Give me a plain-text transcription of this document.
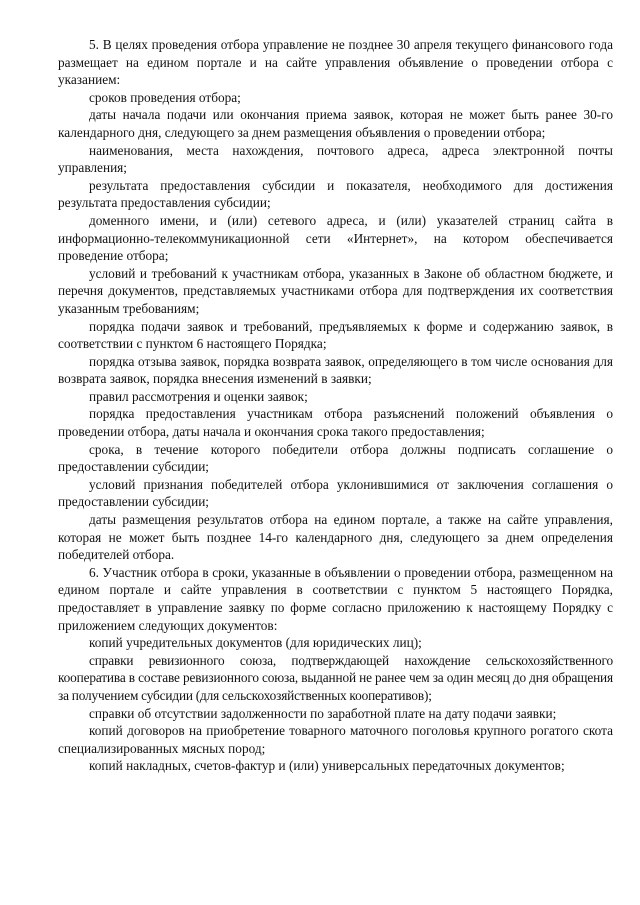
5. В целях проведения отбора управление не позднее 30 апреля текущего финансового года размещает на едином портале и на сайте управления объявление о проведении отбора с указанием:

сроков проведения отбора;

даты начала подачи или окончания приема заявок, которая не может быть ранее 30-го календарного дня, следующего за днем размещения объявления о проведении отбора;

наименования, места нахождения, почтового адреса, адреса электронной почты управления;

результата предоставления субсидии и показателя, необходимого для достижения результата предоставления субсидии;

доменного имени, и (или) сетевого адреса, и (или) указателей страниц сайта в информационно-телекоммуникационной сети «Интернет», на котором обеспечивается проведение отбора;

условий и требований к участникам отбора, указанных в Законе об областном бюджете, и перечня документов, представляемых участниками отбора для подтверждения их соответствия указанным требованиям;

порядка подачи заявок и требований, предъявляемых к форме и содержанию заявок, в соответствии с пунктом 6 настоящего Порядка;

порядка отзыва заявок, порядка возврата заявок, определяющего в том числе основания для возврата заявок, порядка внесения изменений в заявки;

правил рассмотрения и оценки заявок;

порядка предоставления участникам отбора разъяснений положений объявления о проведении отбора, даты начала и окончания срока такого предоставления;

срока, в течение которого победители отбора должны подписать соглашение о предоставлении субсидии;

условий признания победителей отбора уклонившимися от заключения соглашения о предоставлении субсидии;

даты размещения результатов отбора на едином портале, а также на сайте управления, которая не может быть позднее 14-го календарного дня, следующего за днем определения победителей отбора.

6. Участник отбора в сроки, указанные в объявлении о проведении отбора, размещенном на едином портале и сайте управления в соответствии с пунктом 5 настоящего Порядка, предоставляет в управление заявку по форме согласно приложению к настоящему Порядку с приложением следующих документов:

копий учредительных документов (для юридических лиц);

справки ревизионного союза, подтверждающей нахождение сельскохозяйственного кооператива в составе ревизионного союза, выданной не ранее чем за один месяц до дня обращения за получением субсидии (для сельскохозяйственных кооперативов);

справки об отсутствии задолженности по заработной плате на дату подачи заявки;

копий договоров на приобретение товарного маточного поголовья крупного рогатого скота специализированных мясных пород;

копий накладных, счетов-фактур и (или) универсальных передаточных документов;
